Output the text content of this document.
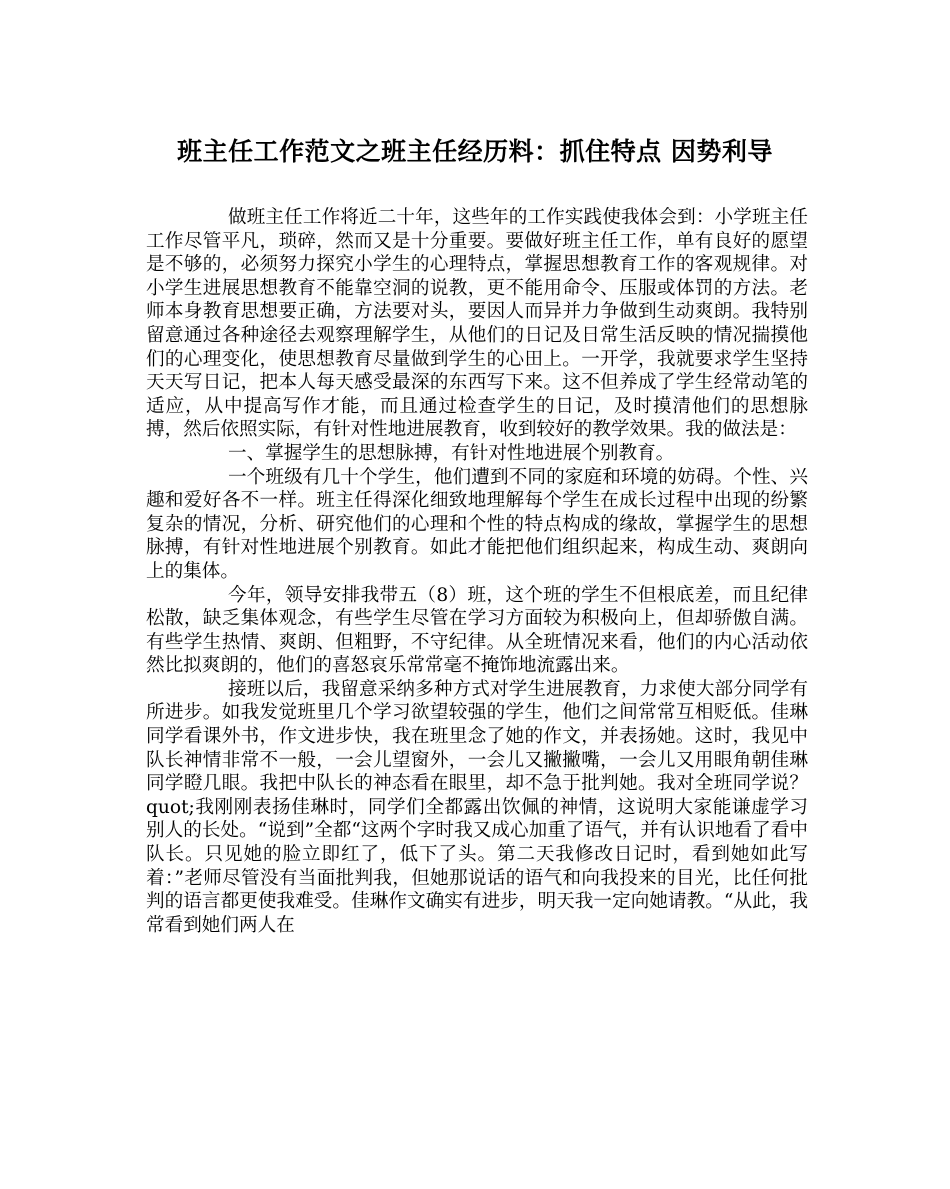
班主任工作范文之班主任经历料：抓住特点 因势利导

做班主任工作将近二十年，这些年的工作实践使我体会到：小学班主任工作尽管平凡，琐碎，然而又是十分重要。要做好班主任工作，单有良好的愿望是不够的，必须努力探究小学生的心理特点，掌握思想教育工作的客观规律。对小学生进展思想教育不能靠空洞的说教，更不能用命令、压服或体罚的方法。老师本身教育思想要正确，方法要对头，要因人而异并力争做到生动爽朗。我特别留意通过各种途径去观察理解学生，从他们的日记及日常生活反映的情况揣摸他们的心理变化，使思想教育尽量做到学生的心田上。一开学，我就要求学生坚持天天写日记，把本人每天感受最深的东西写下来。这不但养成了学生经常动笔的适应，从中提高写作才能，而且通过检查学生的日记，及时摸清他们的思想脉搏，然后依照实际，有针对性地进展教育，收到较好的教学效果。我的做法是：

一、掌握学生的思想脉搏，有针对性地进展个别教育。

一个班级有几十个学生，他们遭到不同的家庭和环境的妨碍。个性、兴趣和爱好各不一样。班主任得深化细致地理解每个学生在成长过程中出现的纷繁复杂的情况，分析、研究他们的心理和个性的特点构成的缘故，掌握学生的思想脉搏，有针对性地进展个别教育。如此才能把他们组织起来，构成生动、爽朗向上的集体。

今年，领导安排我带五（8）班，这个班的学生不但根底差，而且纪律松散，缺乏集体观念，有些学生尽管在学习方面较为积极向上，但却骄傲自满。有些学生热情、爽朗、但粗野，不守纪律。从全班情况来看，他们的内心活动依然比拟爽朗的，他们的喜怒哀乐常常毫不掩饰地流露出来。

接班以后，我留意采纳多种方式对学生进展教育，力求使大部分同学有所进步。如我发觉班里几个学习欲望较强的学生，他们之间常常互相贬低。佳琳同学看课外书，作文进步快，我在班里念了她的作文，并表扬她。这时，我见中队长神情非常不一般，一会儿望窗外，一会儿又撇撇嘴，一会儿又用眼角朝佳琳同学瞪几眼。我把中队长的神态看在眼里，却不急于批判她。我对全班同学说？quot;我刚刚表扬佳琳时，同学们全都露出饮佩的神情，这说明大家能谦虚学习别人的长处。“说到”全都“这两个字时我又成心加重了语气，并有认识地看了看中队长。只见她的脸立即红了，低下了头。第二天我修改日记时，看到她如此写着：”老师尽管没有当面批判我，但她那说话的语气和向我投来的目光，比任何批判的语言都更使我难受。佳琳作文确实有进步，明天我一定向她请教。“从此，我常看到她们两人在
